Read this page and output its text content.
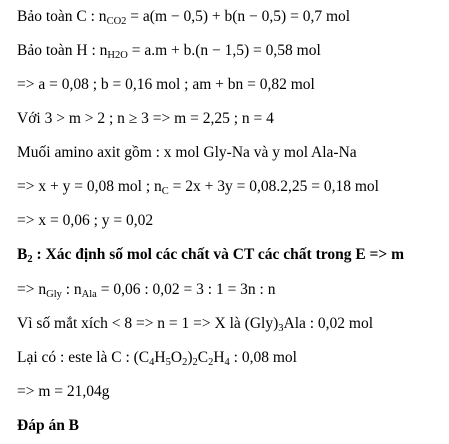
Bảo toàn C : $n_{CO2} = a(m - 0,5) + b(n - 0,5) = 0,7$ mol
Bảo toàn H : $n_{H2O} = a.m + b.(n - 1,5) = 0,58$ mol
=> a = 0,08 ; b = 0,16 mol ; am + bn = 0,82 mol
Với 3 > m > 2 ; n ≥ 3 => m = 2,25 ; n = 4
Muối amino axit gồm : x mol Gly-Na và y mol Ala-Na
=> x + y = 0,08 mol ; $n_C = 2x + 3y = 0,08.2,25 = 0,18$ mol
=> x = 0,06 ; y = 0,02
$B_2$ : Xác định số mol các chất và CT các chất trong E => m
=> $n_{Gly}$ : $n_{Ala} = 0,06$ : 0,02 = 3 : 1 = 3n : n
Vì số mắt xích < 8 => n = 1 => X là $(Gly)_3Ala$ : 0,02 mol
Lại có : este là C : $(C_4H_5O_2)_2C_2H_4$ : 0,08 mol
=> m = 21,04g
Đáp án B
